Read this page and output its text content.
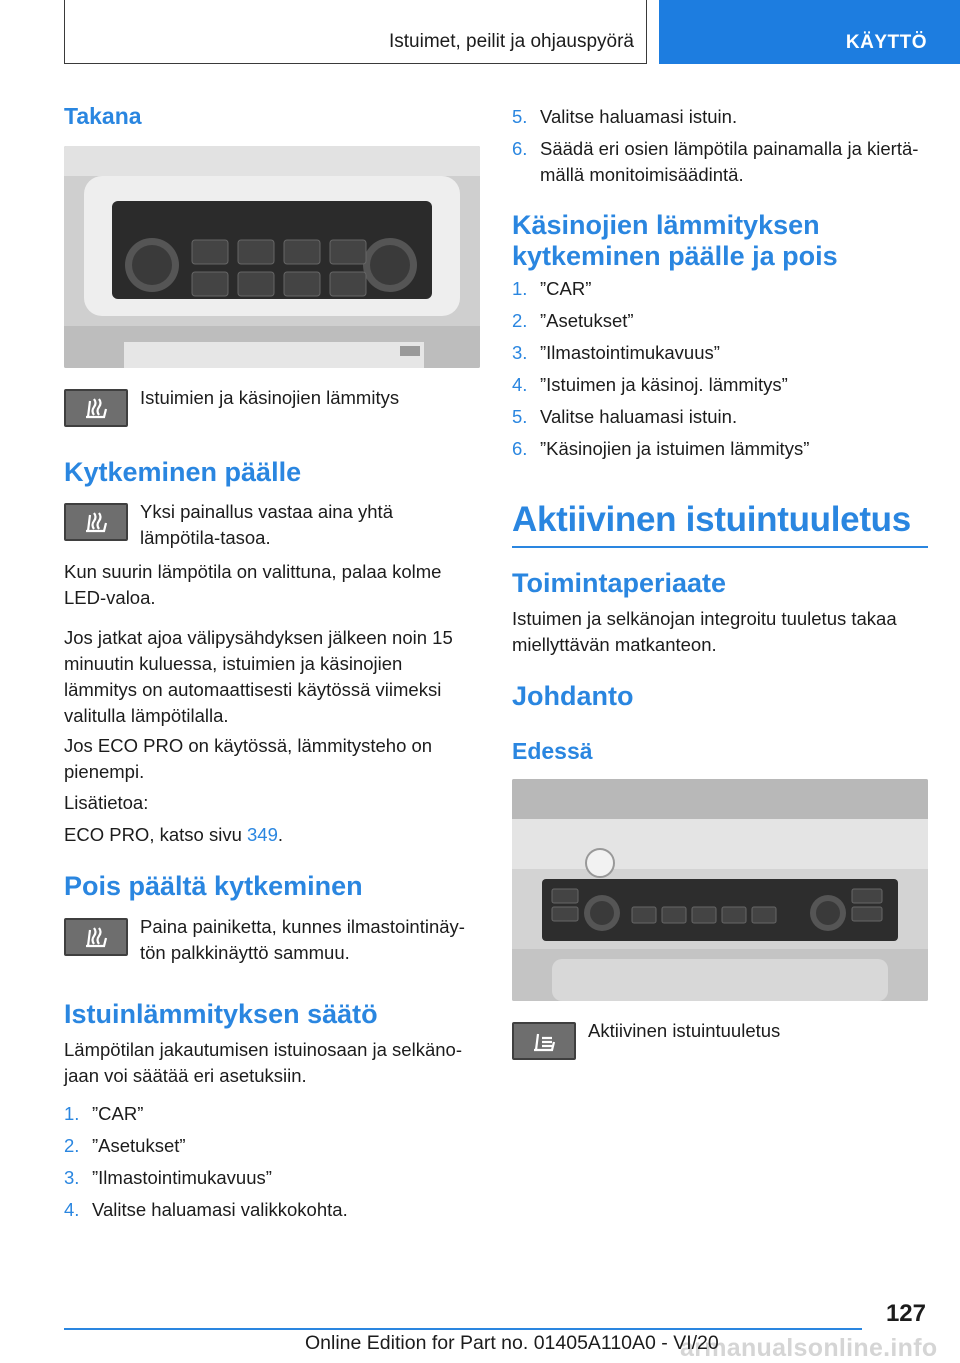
Istuimet, peilit ja ohjauspyörä	KÄYTTÖ
Takana
Istuimien ja käsinojien lämmitys
Kytkeminen päälle
Yksi painallus vastaa aina yhtä lämpötila-tasoa.
Kun suurin lämpötila on valittuna, palaa kolme LED-valoa.
Jos jatkat ajoa välipysähdyksen jälkeen noin 15 minuutin kuluessa, istuimien ja käsinojien lämmitys on automaattisesti käytössä viimeksi valitulla lämpötilalla.
Jos ECO PRO on käytössä, lämmitysteho on pienempi.
Lisätietoa:
ECO PRO, katso sivu 349.
Pois päältä kytkeminen
Paina painiketta, kunnes ilmastointinäy-tön palkkinäyttö sammuu.
Istuinlämmityksen säätö
Lämpötilan jakautumisen istuinosaan ja selkäno-jaan voi säätää eri asetuksiin.
1. ”CAR”
2. ”Asetukset”
3. ”Ilmastointimukavuus”
4. Valitse haluamasi valikkokohta.
5. Valitse haluamasi istuin.
6. Säädä eri osien lämpötila painamalla ja kiertä-
mällä monitoimisäädintä.
Käsinojien lämmityksen
kytkeminen päälle ja pois
1. ”CAR”
2. ”Asetukset”
3. ”Ilmastointimukavuus”
4. ”Istuimen ja käsinoj. lämmitys”
5. Valitse haluamasi istuin.
6. ”Käsinojien ja istuimen lämmitys”
Aktiivinen istuintuuletus
Toimintaperiaate
Istuimen ja selkänojan integroitu tuuletus takaa miellyttävän matkanteon.
Johdanto
Edessä
Aktiivinen istuintuuletus
127
armanualsonline.info
Online Edition for Part no. 01405A110A0 - VI/20
